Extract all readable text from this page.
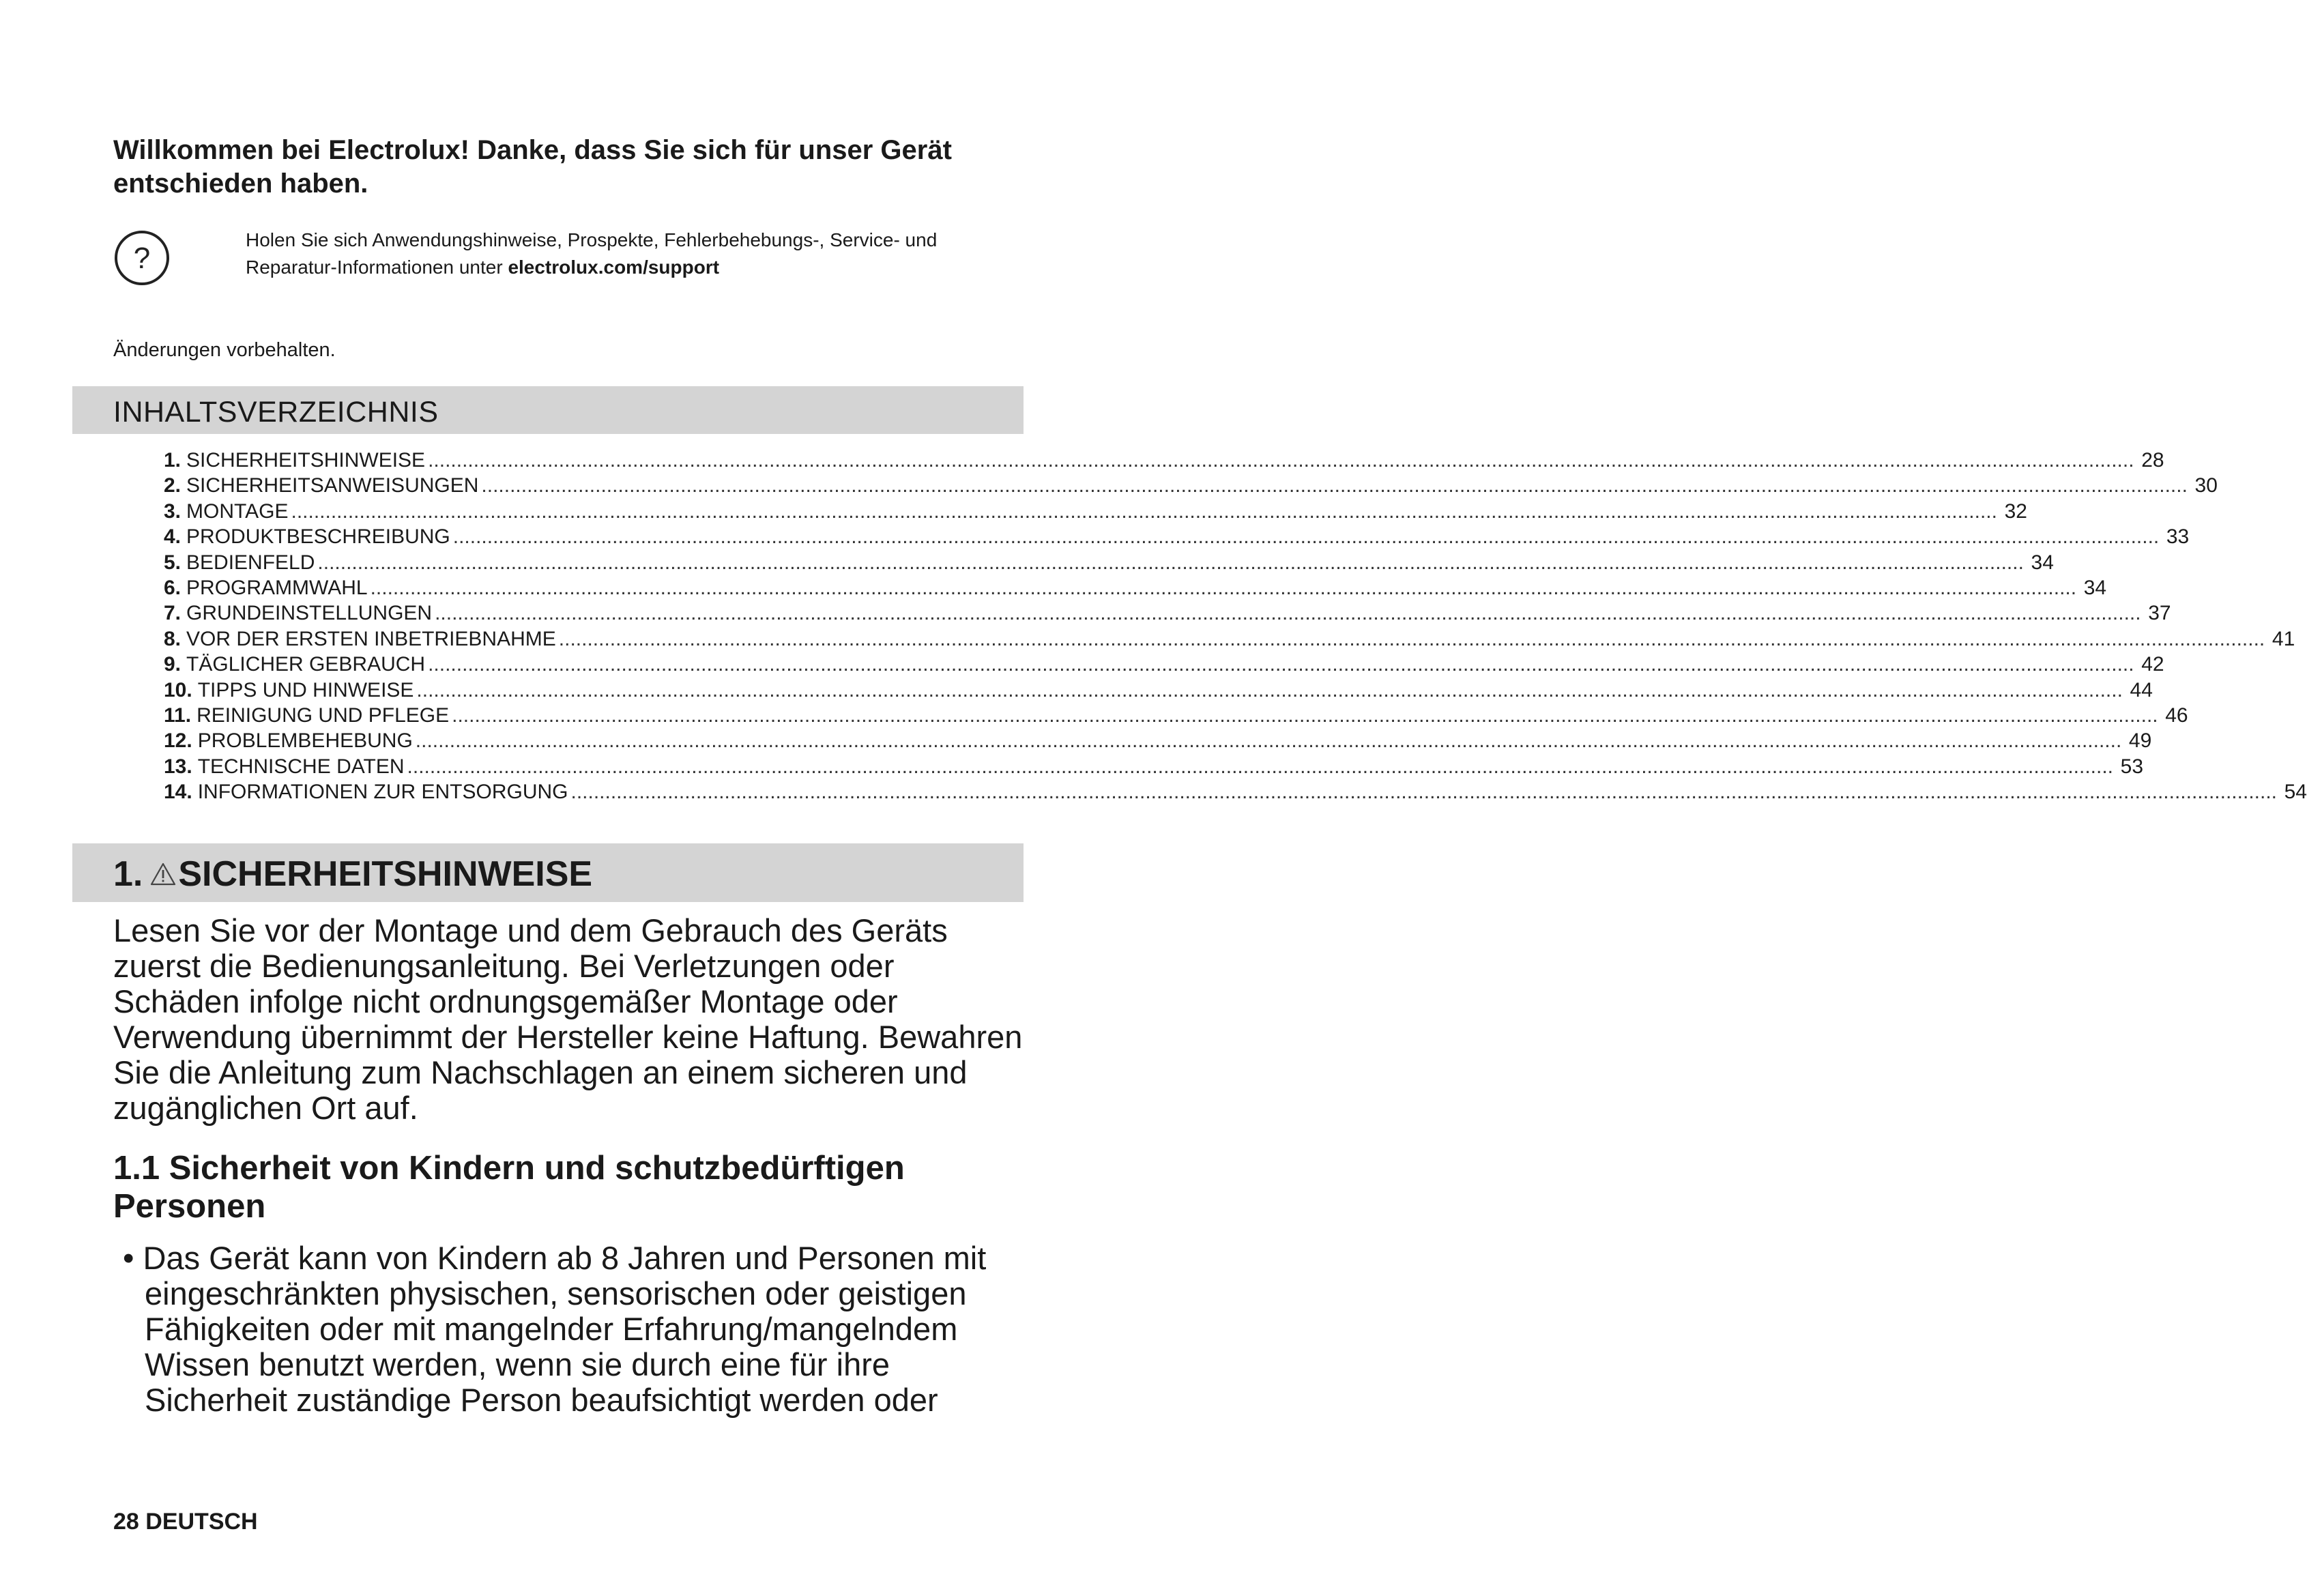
Willkommen bei Electrolux! Danke, dass Sie sich für unser Gerät entschieden haben.
?
Holen Sie sich Anwendungshinweise, Prospekte, Fehlerbehebungs-, Service- und Reparatur-Informationen unter electrolux.com/support
Änderungen vorbehalten.
INHALTSVERZEICHNIS
1. SICHERHEITSHINWEISE ............................................................................................................................................................................................................................................................................................................ 28
2. SICHERHEITSANWEISUNGEN ............................................................................................................................................................................................................................................................................................................ 30
3. MONTAGE ............................................................................................................................................................................................................................................................................................................ 32
4. PRODUKTBESCHREIBUNG ............................................................................................................................................................................................................................................................................................................ 33
5. BEDIENFELD ............................................................................................................................................................................................................................................................................................................ 34
6. PROGRAMMWAHL ............................................................................................................................................................................................................................................................................................................ 34
7. GRUNDEINSTELLUNGEN ............................................................................................................................................................................................................................................................................................................ 37
8. VOR DER ERSTEN INBETRIEBNAHME ............................................................................................................................................................................................................................................................................................................ 41
9. TÄGLICHER GEBRAUCH ............................................................................................................................................................................................................................................................................................................ 42
10. TIPPS UND HINWEISE ............................................................................................................................................................................................................................................................................................................ 44
11. REINIGUNG UND PFLEGE ............................................................................................................................................................................................................................................................................................................ 46
12. PROBLEMBEHEBUNG ............................................................................................................................................................................................................................................................................................................ 49
13. TECHNISCHE DATEN ............................................................................................................................................................................................................................................................................................................ 53
14. INFORMATIONEN ZUR ENTSORGUNG ............................................................................................................................................................................................................................................................................................................ 54
1. SICHERHEITSHINWEISE

Lesen Sie vor der Montage und dem Gebrauch des Geräts zuerst die Bedienungsanleitung. Bei Verletzungen oder Schäden infolge nicht ordnungsgemäßer Montage oder Verwendung übernimmt der Hersteller keine Haftung. Bewahren Sie die Anleitung zum Nachschlagen an einem sicheren und zugänglichen Ort auf.

1.1 Sicherheit von Kindern und schutzbedürftigen Personen

• Das Gerät kann von Kindern ab 8 Jahren und Personen mit eingeschränkten physischen, sensorischen oder geistigen Fähigkeiten oder mit mangelnder Erfahrung/mangelndem Wissen benutzt werden, wenn sie durch eine für ihre Sicherheit zuständige Person beaufsichtigt werden oder

28 DEUTSCH
